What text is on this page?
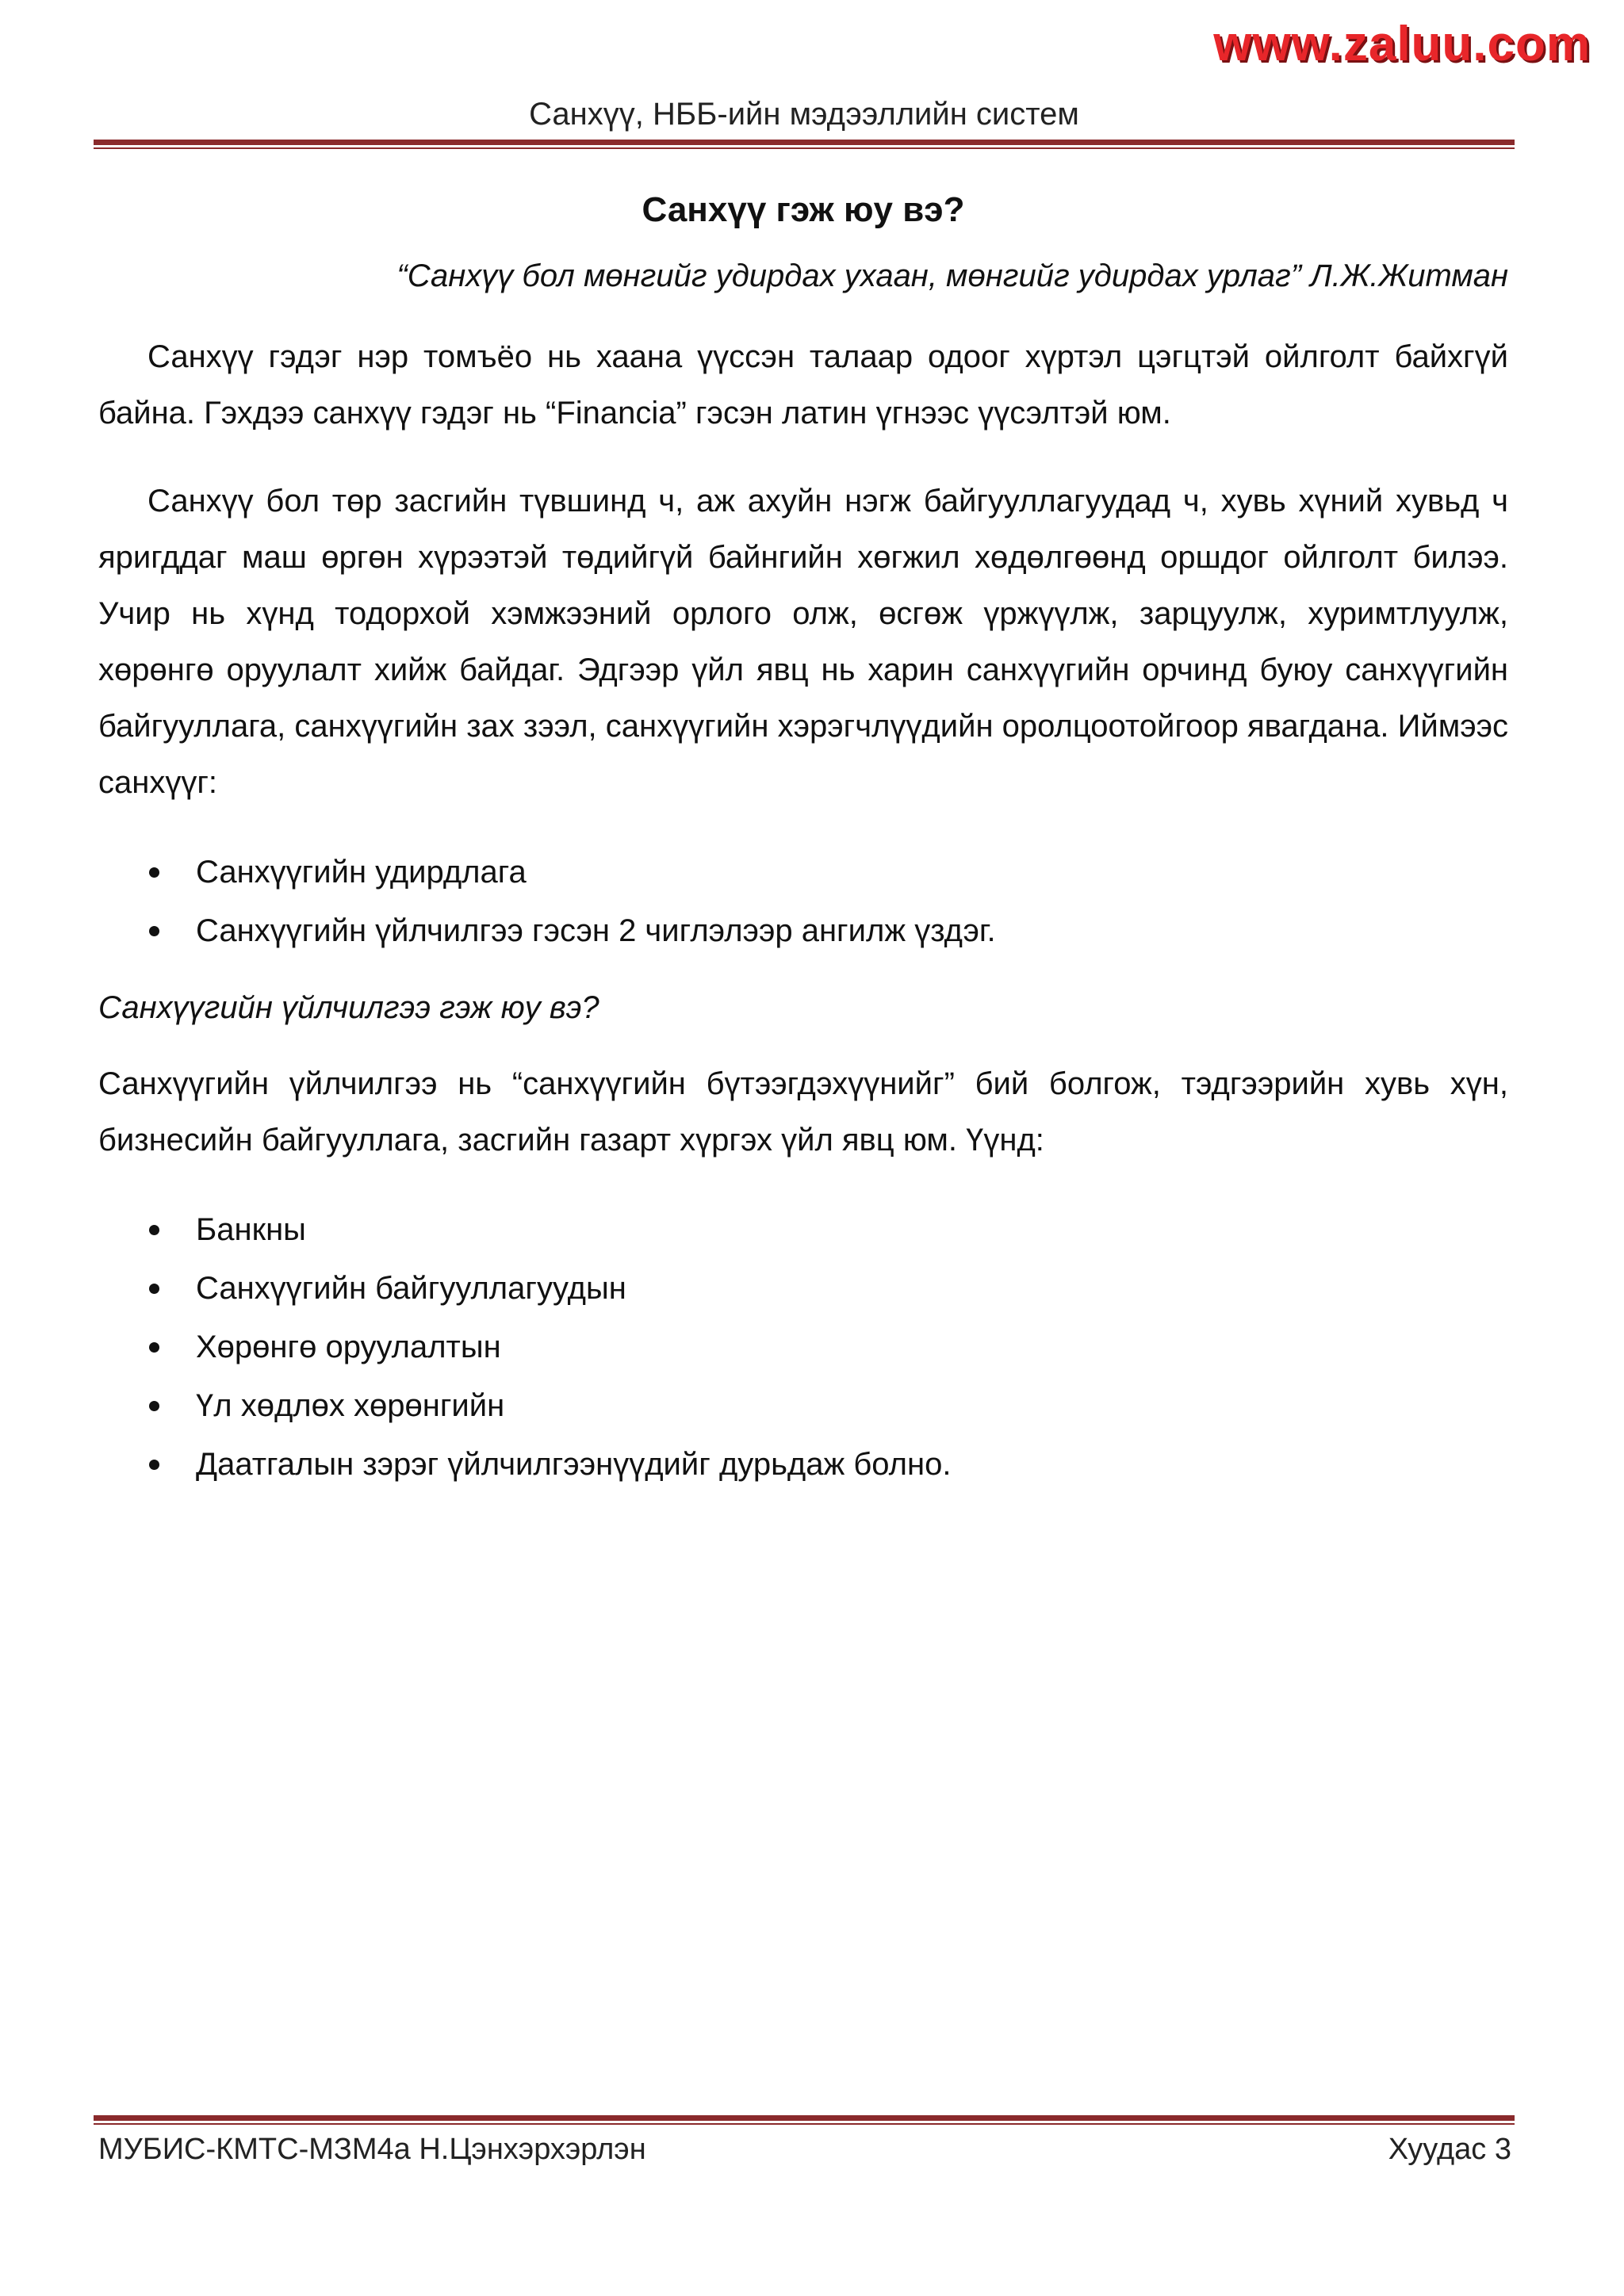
www.zaluu.com
Санхүү, НББ-ийн мэдээллийн систем
Санхүү гэж юу вэ?
“Санхүү бол мөнгийг удирдах ухаан, мөнгийг удирдах урлаг” Л.Ж.Житман

Санхүү гэдэг нэр томъёо нь хаана үүссэн талаар одоог хүртэл цэгцтэй ойлголт байхгүй байна. Гэхдээ санхүү гэдэг нь “Financia” гэсэн латин үгнээс үүсэлтэй юм.

Санхүү бол төр засгийн түвшинд ч, аж ахуйн нэгж байгууллагуудад ч, хувь хүний хувьд ч яригддаг маш өргөн хүрээтэй төдийгүй байнгийн хөгжил хөдөлгөөнд оршдог ойлголт билээ. Учир нь хүнд тодорхой хэмжээний орлого олж, өсгөж үржүүлж, зарцуулж, хуримтлуулж, хөрөнгө оруулалт хийж байдаг. Эдгээр үйл явц нь харин санхүүгийн орчинд буюу санхүүгийн байгууллага, санхүүгийн зах зээл, санхүүгийн хэрэгчлүүдийн оролцоотойгоор явагдана. Иймээс санхүүг:

Санхүүгийн удирдлага
Санхүүгийн үйлчилгээ гэсэн 2 чиглэлээр ангилж үздэг.
Санхүүгийн үйлчилгээ гэж юу вэ?

Санхүүгийн үйлчилгээ нь “санхүүгийн бүтээгдэхүүнийг” бий болгож, тэдгээрийн хувь хүн, бизнесийн байгууллага, засгийн газарт хүргэх үйл явц юм. Үүнд:

Банкны
Санхүүгийн байгууллагуудын
Хөрөнгө оруулалтын
Үл хөдлөх хөрөнгийн
Даатгалын зэрэг үйлчилгээнүүдийг дурьдаж болно.
МУБИС-КМТС-МЗМ4а Н.Цэнхэрхэрлэн	Хуудас 3
